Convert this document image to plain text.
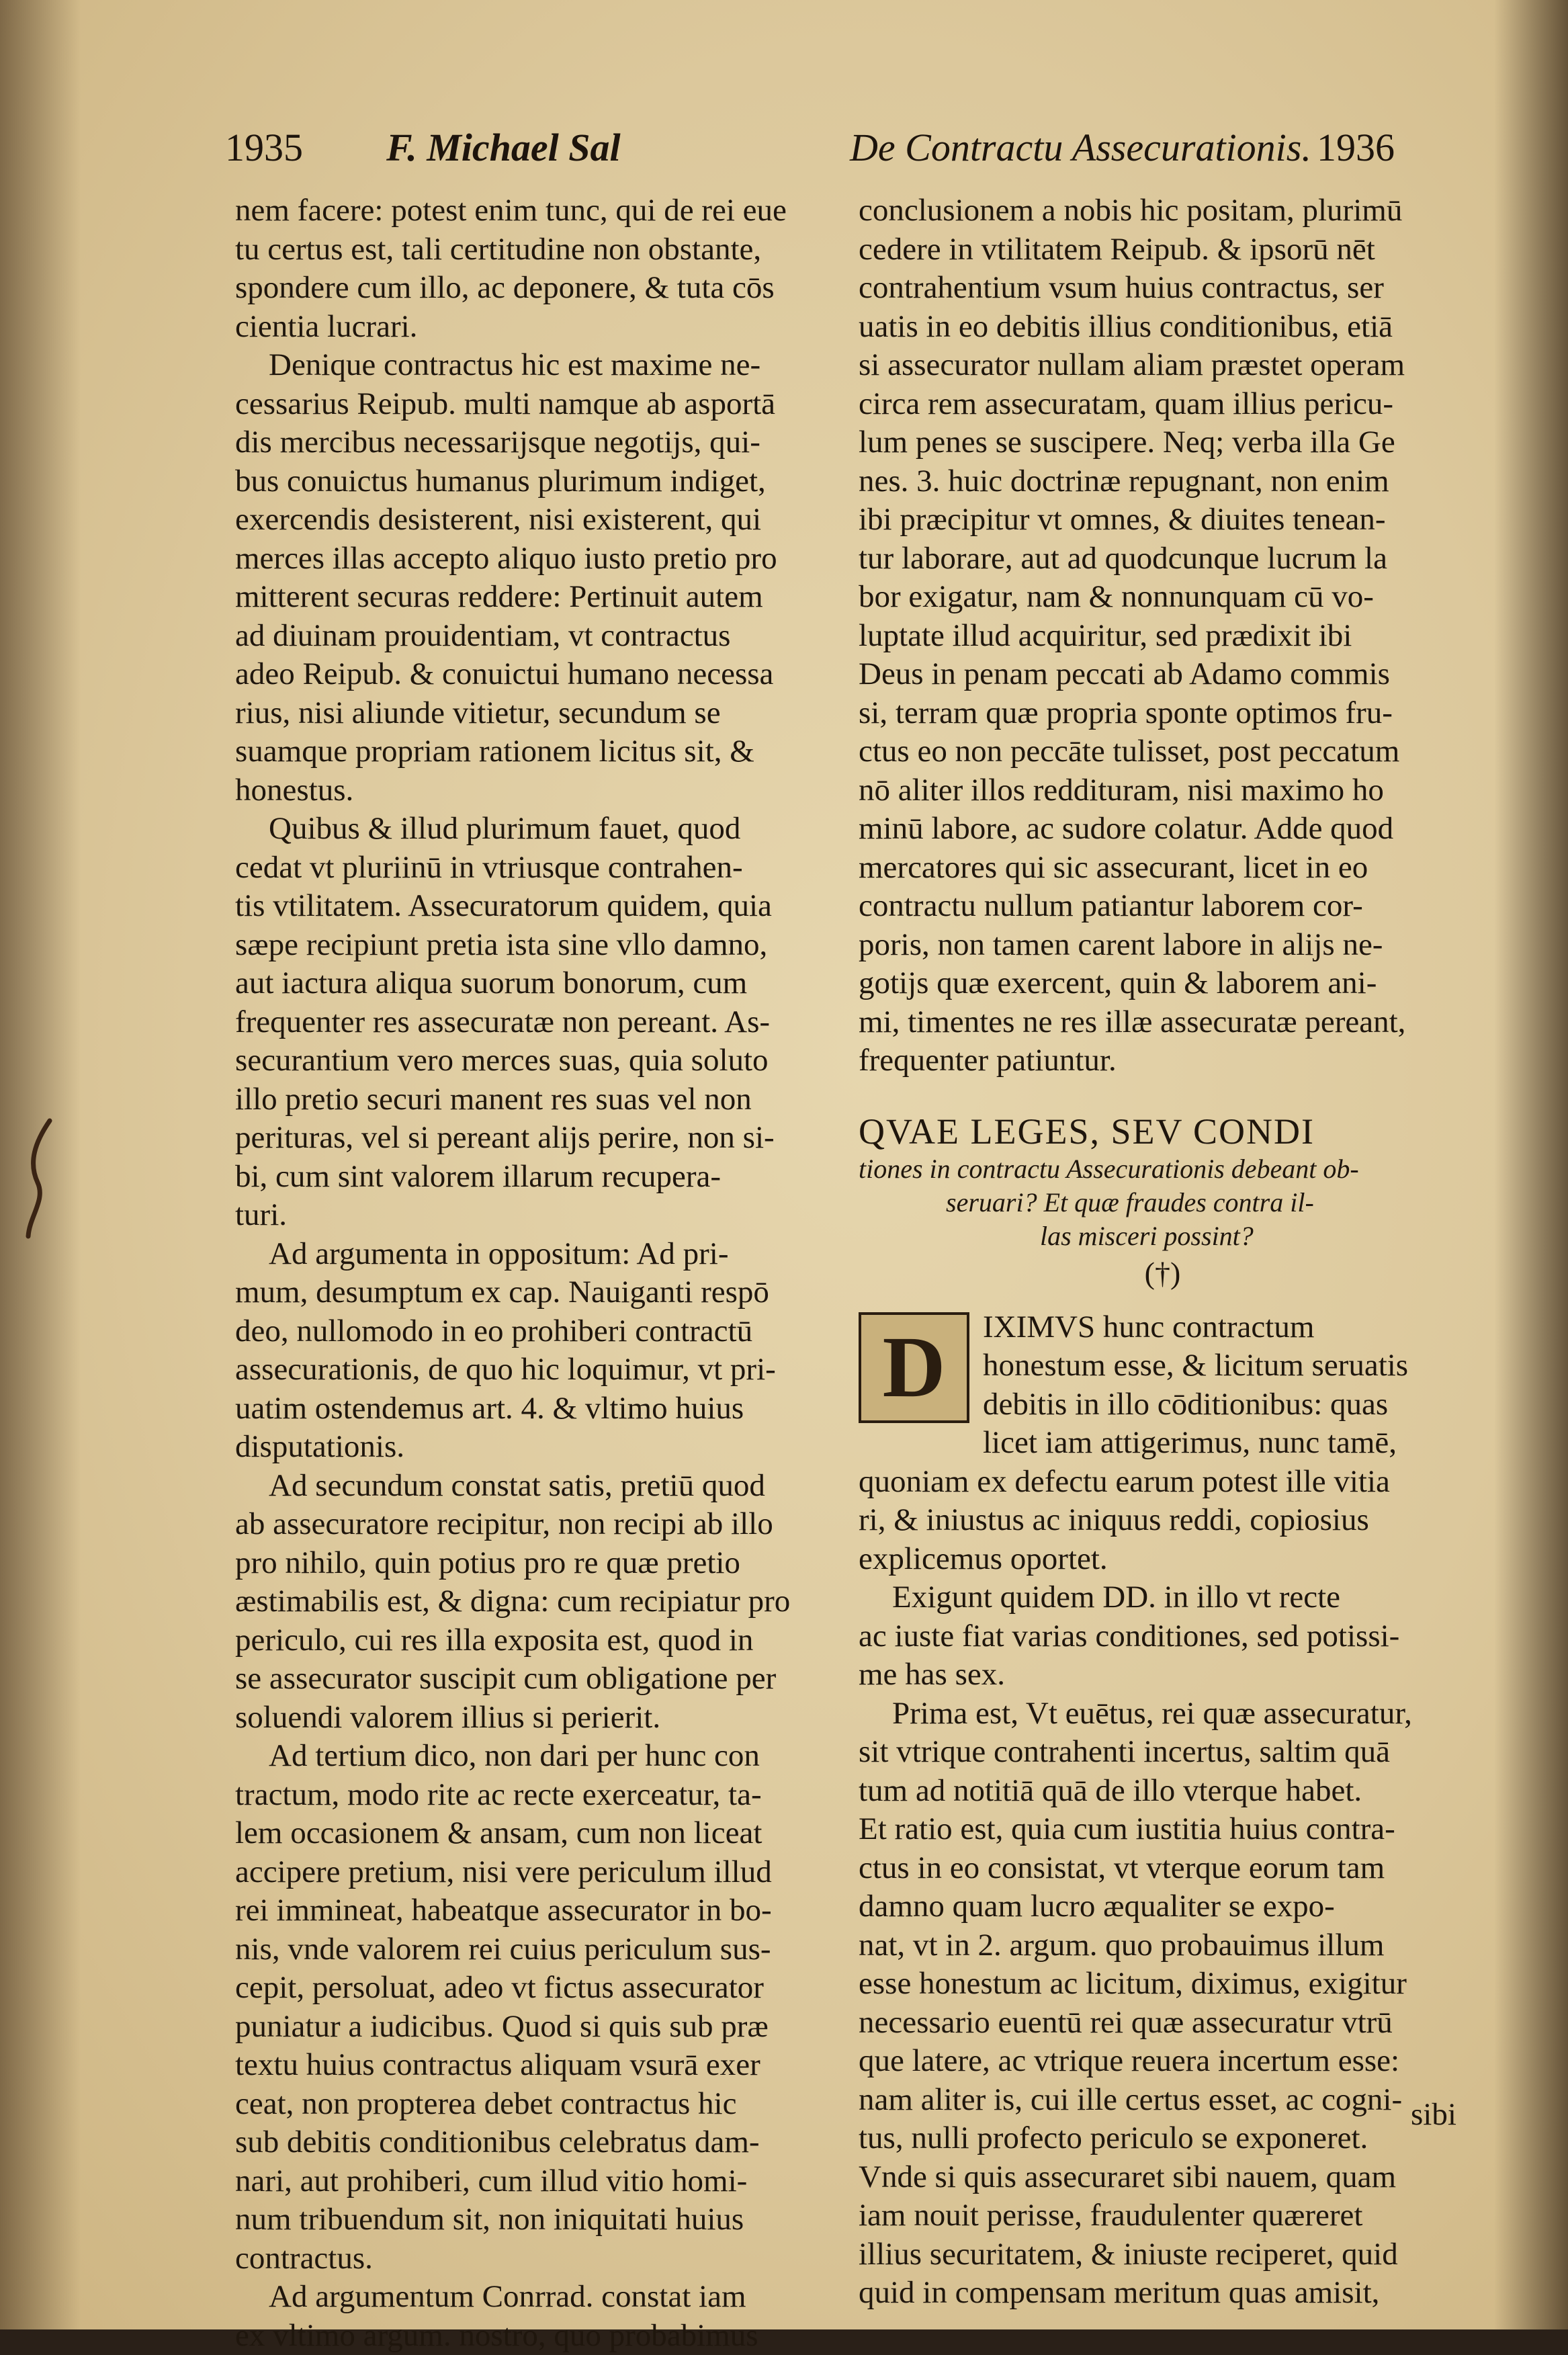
1935 F. Michael Sal	De Contractu Assecurationis. 1936
nem facere: potest enim tunc, qui de rei eue
tu certus est, tali certitudine non obstante,
spondere cum illo, ac deponere, & tuta cōs
cientia lucrari.
Denique contractus hic est maxime ne-
cessarius Reipub. multi namque ab asportā
dis mercibus necessarijsque negotijs, qui-
bus conuictus humanus plurimum indiget,
exercendis desisterent, nisi existerent, qui
merces illas accepto aliquo iusto pretio pro
mitterent securas reddere: Pertinuit autem
ad diuinam prouidentiam, vt contractus
adeo Reipub. & conuictui humano necessa
rius, nisi aliunde vitietur, secundum se
suamque propriam rationem licitus sit, &
honestus.
Quibus & illud plurimum fauet, quod
cedat vt pluriinū in vtriusque contrahen-
tis vtilitatem. Assecuratorum quidem, quia
sæpe recipiunt pretia ista sine vllo damno,
aut iactura aliqua suorum bonorum, cum
frequenter res assecuratæ non pereant. As-
securantium vero merces suas, quia soluto
illo pretio securi manent res suas vel non
perituras, vel si pereant alijs perire, non si-
bi, cum sint valorem illarum recupera-
turi.
Ad argumenta in oppositum: Ad pri-
mum, desumptum ex cap. Nauiganti respō
deo, nullomodo in eo prohiberi contractū
assecurationis, de quo hic loquimur, vt pri-
uatim ostendemus art. 4. & vltimo huius
disputationis.
Ad secundum constat satis, pretiū quod
ab assecuratore recipitur, non recipi ab illo
pro nihilo, quin potius pro re quæ pretio
æstimabilis est, & digna: cum recipiatur pro
periculo, cui res illa exposita est, quod in
se assecurator suscipit cum obligatione per
soluendi valorem illius si perierit.
Ad tertium dico, non dari per hunc con
tractum, modo rite ac recte exerceatur, ta-
lem occasionem & ansam, cum non liceat
accipere pretium, nisi vere periculum illud
rei immineat, habeatque assecurator in bo-
nis, vnde valorem rei cuius periculum sus-
cepit, persoluat, adeo vt fictus assecurator
puniatur a iudicibus. Quod si quis sub præ
textu huius contractus aliquam vsurā exer
ceat, non propterea debet contractus hic
sub debitis conditionibus celebratus dam-
nari, aut prohiberi, cum illud vitio homi-
num tribuendum sit, non iniquitati huius
contractus.
Ad argumentum Conrrad. constat iam
ex vltimo argum. nostro, quo probabimus
conclusionem a nobis hic positam, plurimū
cedere in vtilitatem Reipub. & ipsorū nēt
contrahentium vsum huius contractus, ser
uatis in eo debitis illius conditionibus, etiā
si assecurator nullam aliam præstet operam
circa rem assecuratam, quam illius pericu-
lum penes se suscipere. Neq; verba illa Ge
nes. 3. huic doctrinæ repugnant, non enim
ibi præcipitur vt omnes, & diuites tenean-
tur laborare, aut ad quodcunque lucrum la
bor exigatur, nam & nonnunquam cū vo-
luptate illud acquiritur, sed prædixit ibi
Deus in penam peccati ab Adamo commis
si, terram quæ propria sponte optimos fru-
ctus eo non peccāte tulisset, post peccatum
nō aliter illos reddituram, nisi maximo ho
minū labore, ac sudore colatur. Adde quod
mercatores qui sic assecurant, licet in eo
contractu nullum patiantur laborem cor-
poris, non tamen carent labore in alijs ne-
gotijs quæ exercent, quin & laborem ani-
mi, timentes ne res illæ assecuratæ pereant,
frequenter patiuntur.
QVAE LEGES, SEV CONDI
tiones in contractu Assecurationis debeant ob-
seruari? Et quæ fraudes contra il-
las misceri possint?
(†)
D	IXIMVS hunc contractum
honestum esse, & licitum seruatis
debitis in illo cōditionibus: quas
licet iam attigerimus, nunc tamē,
quoniam ex defectu earum potest ille vitia
ri, & iniustus ac iniquus reddi, copiosius
explicemus oportet.
Exigunt quidem DD. in illo vt recte
ac iuste fiat varias conditiones, sed potissi-
me has sex.
Prima est, Vt euētus, rei quæ assecuratur,
sit vtrique contrahenti incertus, saltim quā
tum ad notitiā quā de illo vterque habet.
Et ratio est, quia cum iustitia huius contra-
ctus in eo consistat, vt vterque eorum tam
damno quam lucro æqualiter se expo-
nat, vt in 2. argum. quo probauimus illum
esse honestum ac licitum, diximus, exigitur
necessario euentū rei quæ assecuratur vtrū
que latere, ac vtrique reuera incertum esse:
nam aliter is, cui ille certus esset, ac cogni-
tus, nulli profecto periculo se exponeret.
Vnde si quis assecuraret sibi nauem, quam
iam nouit perisse, fraudulenter quæreret
illius securitatem, & iniuste reciperet, quid
quid in compensam meritum quas amisit,
sibi
